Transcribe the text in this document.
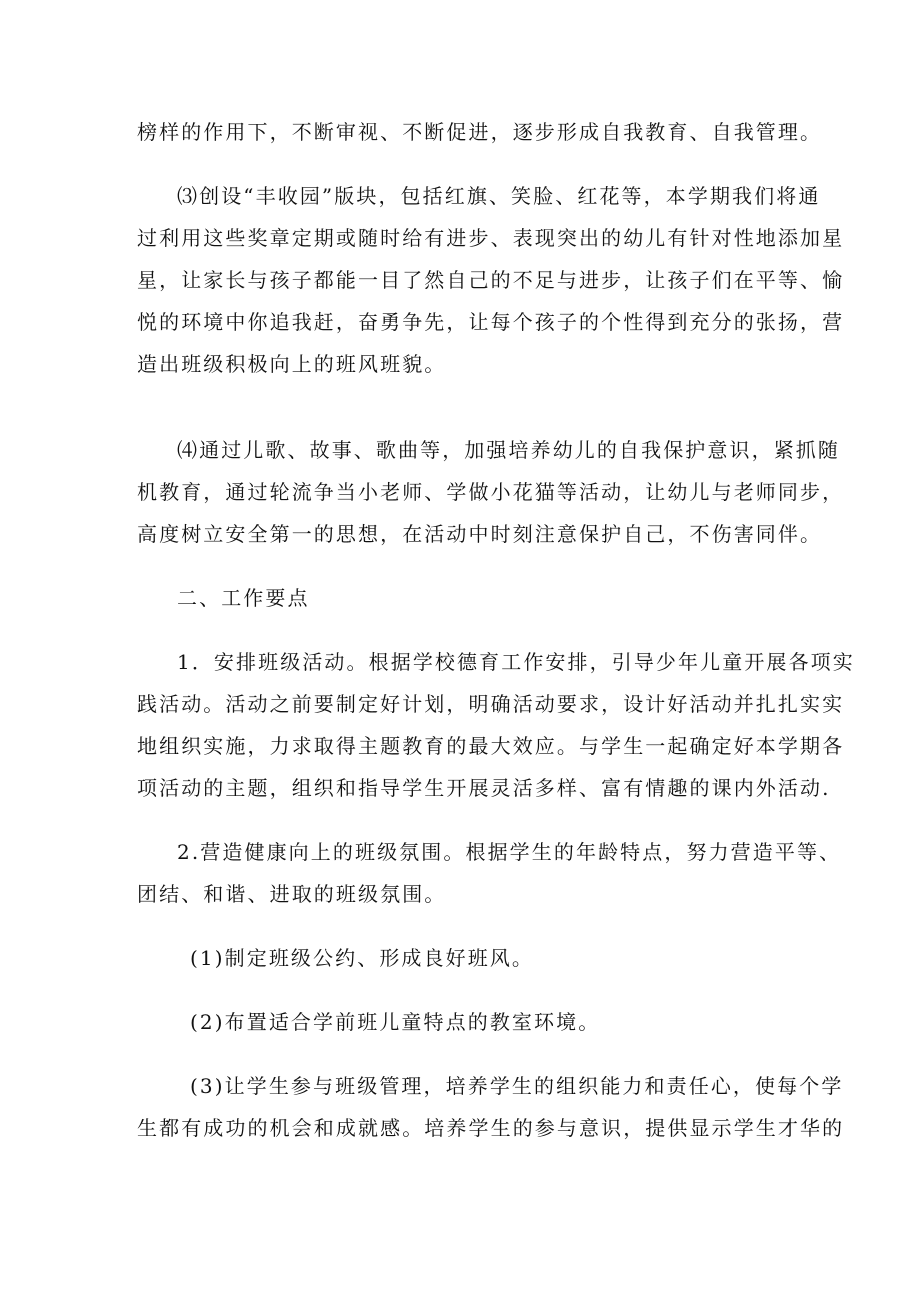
榜样的作用下，不断审视、不断促进，逐步形成自我教育、自我管理。
⑶创设“丰收园”版块，包括红旗、笑脸、红花等，本学期我们将通
过利用这些奖章定期或随时给有进步、表现突出的幼儿有针对性地添加星
星，让家长与孩子都能一目了然自己的不足与进步，让孩子们在平等、愉
悦的环境中你追我赶，奋勇争先，让每个孩子的个性得到充分的张扬，营
造出班级积极向上的班风班貌。
⑷通过儿歌、故事、歌曲等，加强培养幼儿的自我保护意识，紧抓随
机教育，通过轮流争当小老师、学做小花猫等活动，让幼儿与老师同步，
高度树立安全第一的思想，在活动中时刻注意保护自己，不伤害同伴。
二、工作要点
1．安排班级活动。根据学校德育工作安排，引导少年儿童开展各项实
践活动。活动之前要制定好计划，明确活动要求，设计好活动并扎扎实实
地组织实施，力求取得主题教育的最大效应。与学生一起确定好本学期各
项活动的主题，组织和指导学生开展灵活多样、富有情趣的课内外活动.
2.营造健康向上的班级氛围。根据学生的年龄特点，努力营造平等、
团结、和谐、进取的班级氛围。
(1)制定班级公约、形成良好班风。
(2)布置适合学前班儿童特点的教室环境。
(3)让学生参与班级管理，培养学生的组织能力和责任心，使每个学
生都有成功的机会和成就感。培养学生的参与意识，提供显示学生才华的
